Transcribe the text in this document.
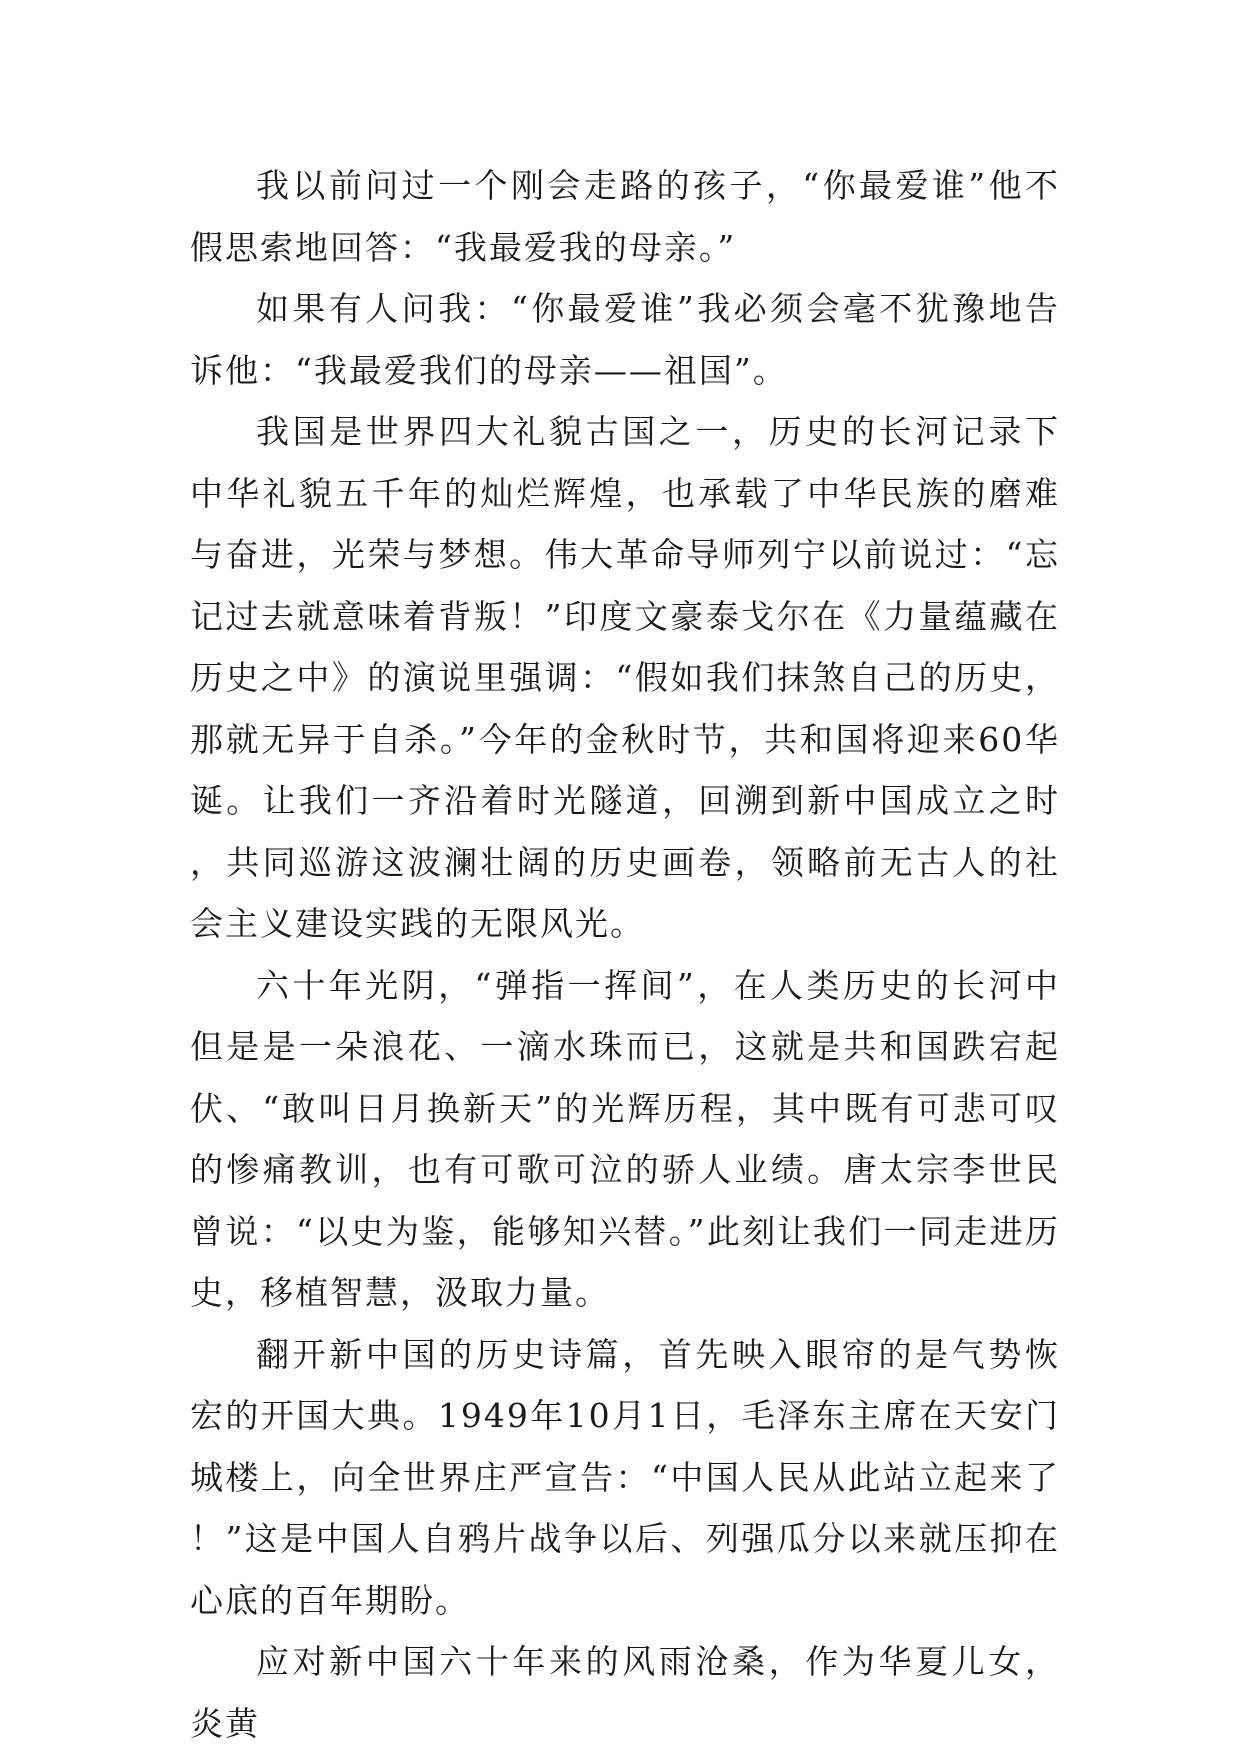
我以前问过一个刚会走路的孩子，“你最爱谁”他不假思索地回答：“我最爱我的母亲。”

如果有人问我：“你最爱谁”我必须会毫不犹豫地告诉他：“我最爱我们的母亲——祖国”。

我国是世界四大礼貌古国之一，历史的长河记录下中华礼貌五千年的灿烂辉煌，也承载了中华民族的磨难与奋进，光荣与梦想。伟大革命导师列宁以前说过：“忘记过去就意味着背叛！”印度文豪泰戈尔在《力量蕴藏在历史之中》的演说里强调：“假如我们抹煞自己的历史，那就无异于自杀。”今年的金秋时节，共和国将迎来60华诞。让我们一齐沿着时光隧道，回溯到新中国成立之时，共同巡游这波澜壮阔的历史画卷，领略前无古人的社会主义建设实践的无限风光。

六十年光阴，“弹指一挥间”，在人类历史的长河中但是是一朵浪花、一滴水珠而已，这就是共和国跌宕起伏、“敢叫日月换新天”的光辉历程，其中既有可悲可叹的惨痛教训，也有可歌可泣的骄人业绩。唐太宗李世民曾说：“以史为鉴，能够知兴替。”此刻让我们一同走进历史，移植智慧，汲取力量。

翻开新中国的历史诗篇，首先映入眼帘的是气势恢宏的开国大典。1949年10月1日，毛泽东主席在天安门城楼上，向全世界庄严宣告：“中国人民从此站立起来了！”这是中国人自鸦片战争以后、列强瓜分以来就压抑在心底的百年期盼。

应对新中国六十年来的风雨沧桑，作为华夏儿女，炎黄
